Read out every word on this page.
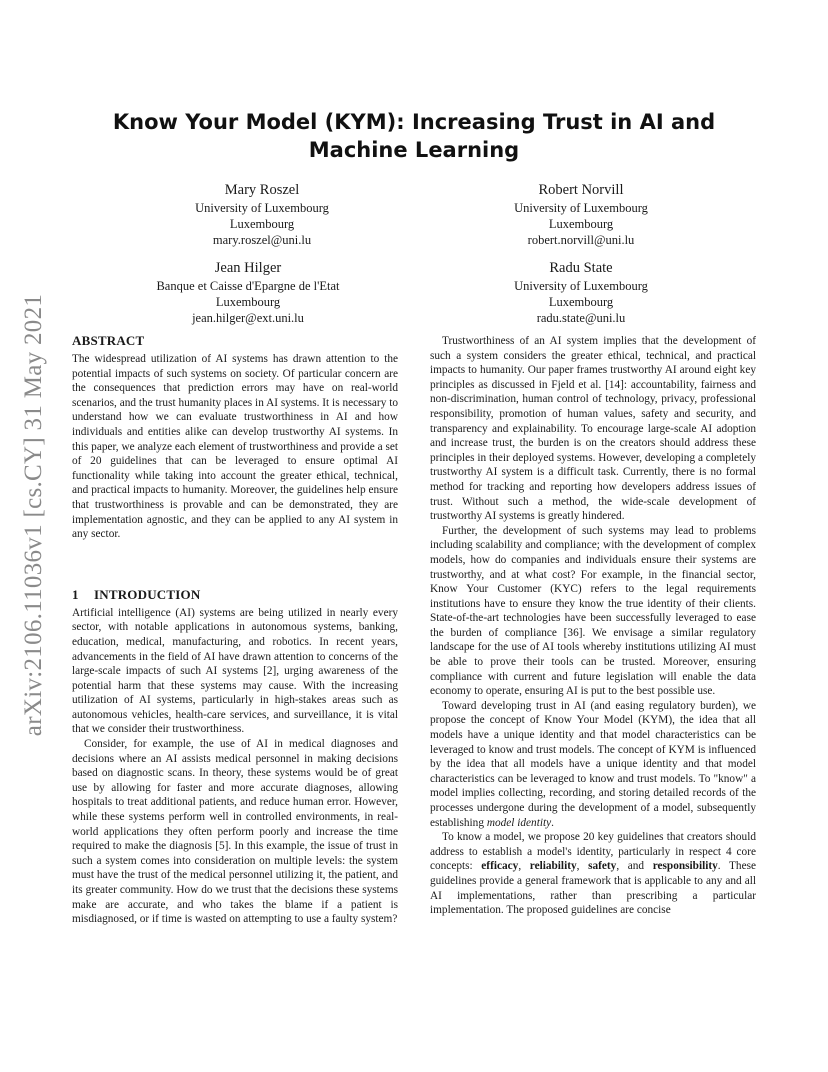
arXiv:2106.11036v1 [cs.CY] 31 May 2021
Know Your Model (KYM): Increasing Trust in AI and Machine Learning
Mary Roszel
University of Luxembourg
Luxembourg
mary.roszel@uni.lu
Robert Norvill
University of Luxembourg
Luxembourg
robert.norvill@uni.lu
Jean Hilger
Banque et Caisse d'Epargne de l'Etat
Luxembourg
jean.hilger@ext.uni.lu
Radu State
University of Luxembourg
Luxembourg
radu.state@uni.lu
ABSTRACT

The widespread utilization of AI systems has drawn attention to the potential impacts of such systems on society. Of particular concern are the consequences that prediction errors may have on real-world scenarios, and the trust humanity places in AI systems. It is necessary to understand how we can evaluate trustworthiness in AI and how individuals and entities alike can develop trustworthy AI systems. In this paper, we analyze each element of trustworthiness and provide a set of 20 guidelines that can be leveraged to ensure optimal AI functionality while taking into account the greater ethical, technical, and practical impacts to humanity. Moreover, the guidelines help ensure that trustworthiness is provable and can be demonstrated, they are implementation agnostic, and they can be applied to any AI system in any sector.

1 INTRODUCTION

Artificial intelligence (AI) systems are being utilized in nearly every sector, with notable applications in autonomous systems, banking, education, medical, manufacturing, and robotics. In recent years, advancements in the field of AI have drawn attention to concerns of the large-scale impacts of such AI systems [2], urging awareness of the potential harm that these systems may cause. With the increasing utilization of AI systems, particularly in high-stakes areas such as autonomous vehicles, health-care services, and surveillance, it is vital that we consider their trustworthiness.

Consider, for example, the use of AI in medical diagnoses and decisions where an AI assists medical personnel in making decisions based on diagnostic scans. In theory, these systems would be of great use by allowing for faster and more accurate diagnoses, allowing hospitals to treat additional patients, and reduce human error. However, while these systems perform well in controlled environments, in real-world applications they often perform poorly and increase the time required to make the diagnosis [5]. In this example, the issue of trust in such a system comes into consideration on multiple levels: the system must have the trust of the medical personnel utilizing it, the patient, and its greater community. How do we trust that the decisions these systems make are accurate, and who takes the blame if a patient is misdiagnosed, or if time is wasted on attempting to use a faulty system?

Trustworthiness of an AI system implies that the development of such a system considers the greater ethical, technical, and practical impacts to humanity. Our paper frames trustworthy AI around eight key principles as discussed in Fjeld et al. [14]: accountability, fairness and non-discrimination, human control of technology, privacy, professional responsibility, promotion of human values, safety and security, and transparency and explainability. To encourage large-scale AI adoption and increase trust, the burden is on the creators should address these principles in their deployed systems. However, developing a completely trustworthy AI system is a difficult task. Currently, there is no formal method for tracking and reporting how developers address issues of trust. Without such a method, the wide-scale development of trustworthy AI systems is greatly hindered.

Further, the development of such systems may lead to problems including scalability and compliance; with the development of complex models, how do companies and individuals ensure their systems are trustworthy, and at what cost? For example, in the financial sector, Know Your Customer (KYC) refers to the legal requirements institutions have to ensure they know the true identity of their clients. State-of-the-art technologies have been successfully leveraged to ease the burden of compliance [36]. We envisage a similar regulatory landscape for the use of AI tools whereby institutions utilizing AI must be able to prove their tools can be trusted. Moreover, ensuring compliance with current and future legislation will enable the data economy to operate, ensuring AI is put to the best possible use.

Toward developing trust in AI (and easing regulatory burden), we propose the concept of Know Your Model (KYM), the idea that all models have a unique identity and that model characteristics can be leveraged to know and trust models. The concept of KYM is influenced by the idea that all models have a unique identity and that model characteristics can be leveraged to know and trust models. To "know" a model implies collecting, recording, and storing detailed records of the processes undergone during the development of a model, subsequently establishing model identity.

To know a model, we propose 20 key guidelines that creators should address to establish a model's identity, particularly in respect 4 core concepts: efficacy, reliability, safety, and responsibility. These guidelines provide a general framework that is applicable to any and all AI implementations, rather than prescribing a particular implementation. The proposed guidelines are concise
